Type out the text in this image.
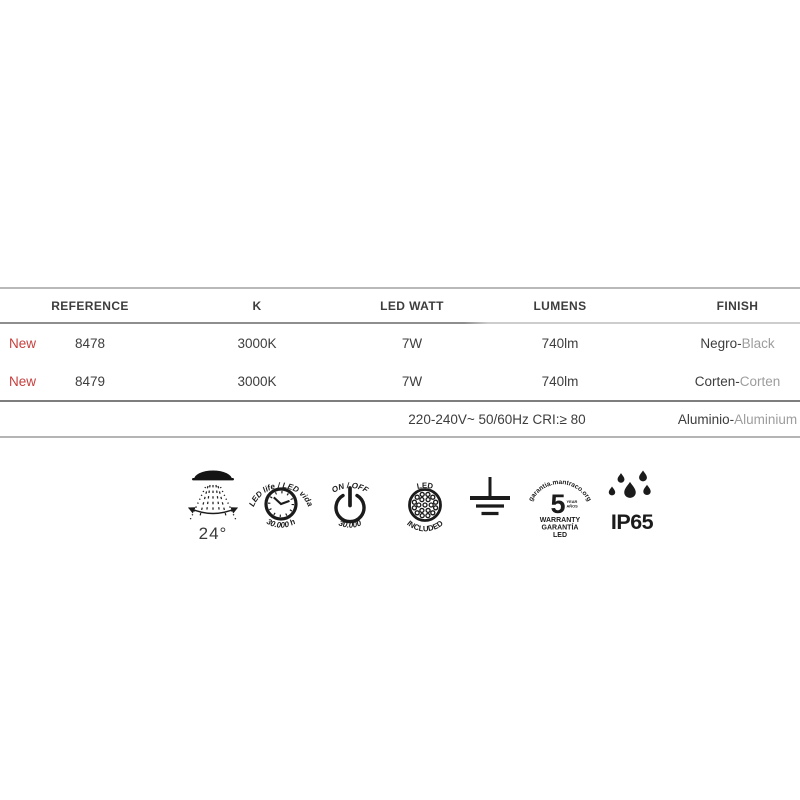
REFERENCE	K	LED WATT	LUMENS	FINISH
New	8478	3000K	7W	740lm	Negro-Black
New	8479	3000K	7W	740lm	Corten-Corten
220-240V~ 50/60Hz CRI:≥ 80	Aluminio-Aluminium
24°
LED life / LED vida
30.000 h
ON / OFF
30.000
LED
INCLUDED
garantia.mantraco.org
5 YEAR
AÑOS
WARRANTY
GARANTÍA
LED
IP65
